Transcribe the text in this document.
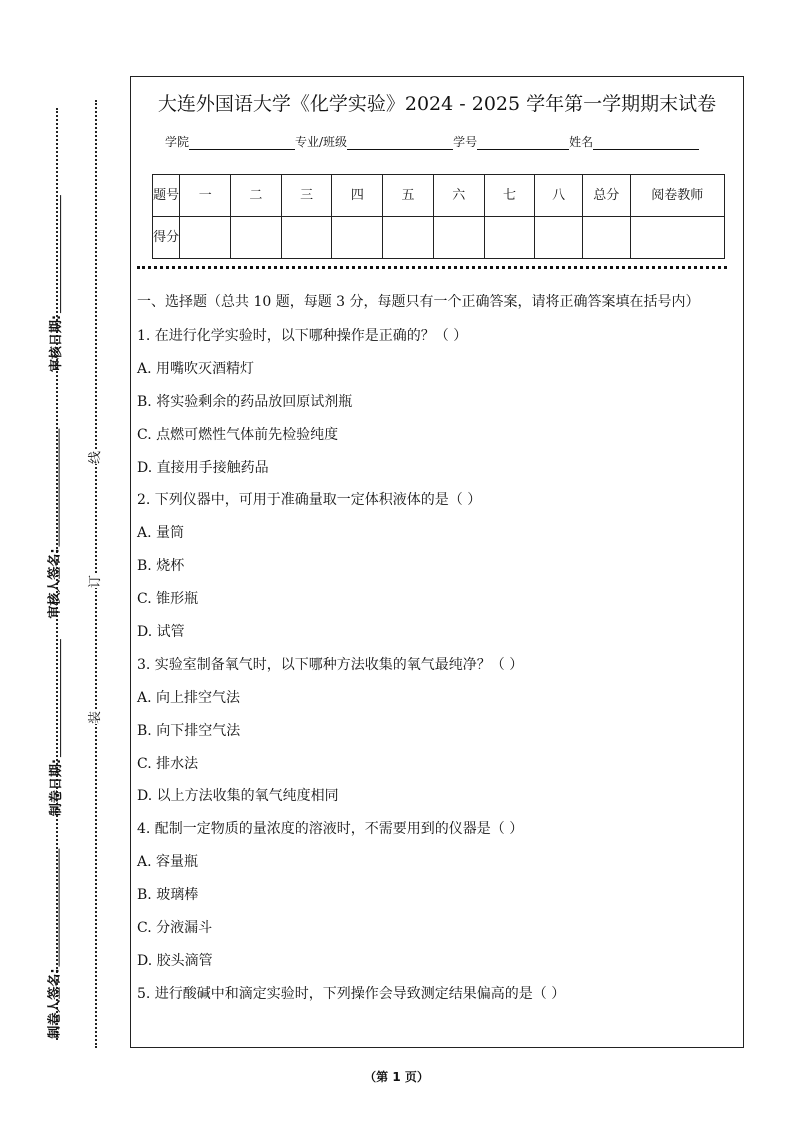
审核日期:
审核人签名:
制卷日期:
制卷人签名:
线
订
装
大连外国语大学《化学实验》2024 - 2025 学年第一学期期末试卷
学院	专业/班级	学号	姓名
题号	一	二	三	四	五	六	七	八	总分	阅卷教师
得分										
一、选择题（总共 10 题，每题 3 分，每题只有一个正确答案，请将正确答案填在括号内）
1. 在进行化学实验时，以下哪种操作是正确的？（ ）
A. 用嘴吹灭酒精灯
B. 将实验剩余的药品放回原试剂瓶
C. 点燃可燃性气体前先检验纯度
D. 直接用手接触药品
2. 下列仪器中，可用于准确量取一定体积液体的是（ ）
A. 量筒
B. 烧杯
C. 锥形瓶
D. 试管
3. 实验室制备氧气时，以下哪种方法收集的氧气最纯净？（ ）
A. 向上排空气法
B. 向下排空气法
C. 排水法
D. 以上方法收集的氧气纯度相同
4. 配制一定物质的量浓度的溶液时，不需要用到的仪器是（ ）
A. 容量瓶
B. 玻璃棒
C. 分液漏斗
D. 胶头滴管
5. 进行酸碱中和滴定实验时，下列操作会导致测定结果偏高的是（ ）
（第 1 页）
